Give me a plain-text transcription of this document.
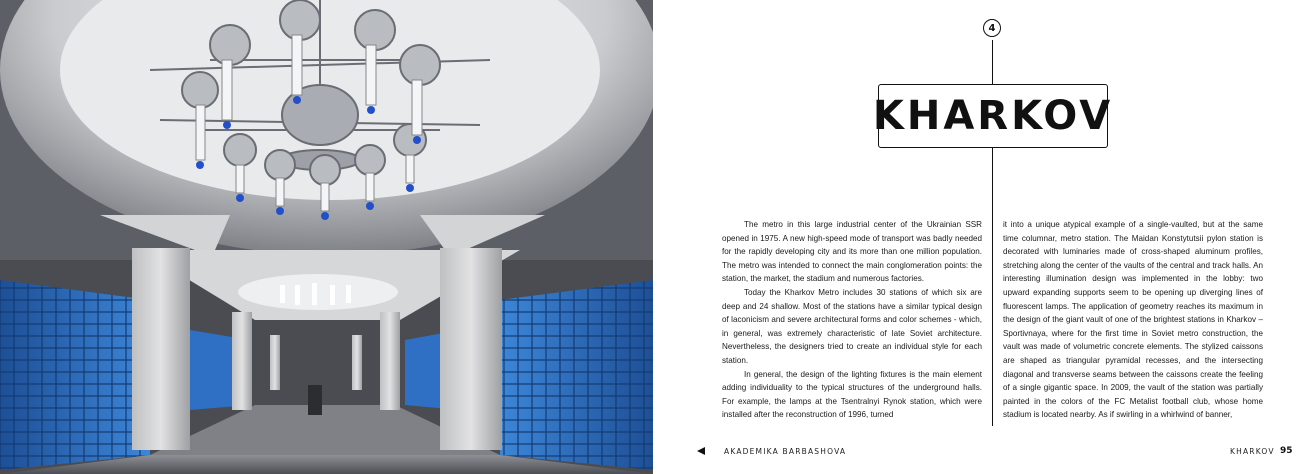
4
KHARKOV

The metro in this large industrial center of the Ukrainian SSR opened in 1975. A new high-speed mode of transport was badly needed for the rapidly developing city and its more than one million population. The metro was intended to connect the main conglomeration points: the station, the market, the stadium and numerous factories.

Today the Kharkov Metro includes 30 stations of which six are deep and 24 shallow. Most of the stations have a similar typical design of laconicism and severe architectural forms and color schemes - which, in general, was extremely characteristic of late Soviet architecture. Nevertheless, the designers tried to create an individual style for each station.

In general, the design of the lighting fixtures is the main element adding individuality to the typical structures of the underground halls. For example, the lamps at the Tsentralnyi Rynok station, which were installed after the reconstruction of 1996, turned

it into a unique atypical example of a single-vaulted, but at the same time columnar, metro station. The Maidan Konstytutsii pylon station is decorated with luminaries made of cross-shaped aluminum profiles, stretching along the center of the vaults of the central and track halls. An interesting illumination design was implemented in the lobby: two upward expanding supports seem to be opening up diverging lines of fluorescent lamps. The application of geometry reaches its maximum in the design of the giant vault of one of the brightest stations in Kharkov – Sportivnaya, where for the first time in Soviet metro construction, the vault was made of volumetric concrete elements. The stylized caissons are shaped as triangular pyramidal recesses, and the intersecting diagonal and transverse seams between the caissons create the feeling of a single gigantic space. In 2009, the vault of the station was partially painted in the colors of the FC Metalist football club, whose home stadium is located nearby. As if swirling in a whirlwind of banner,

AKADEMIKA BARBASHOVA	KHARKOV 95
